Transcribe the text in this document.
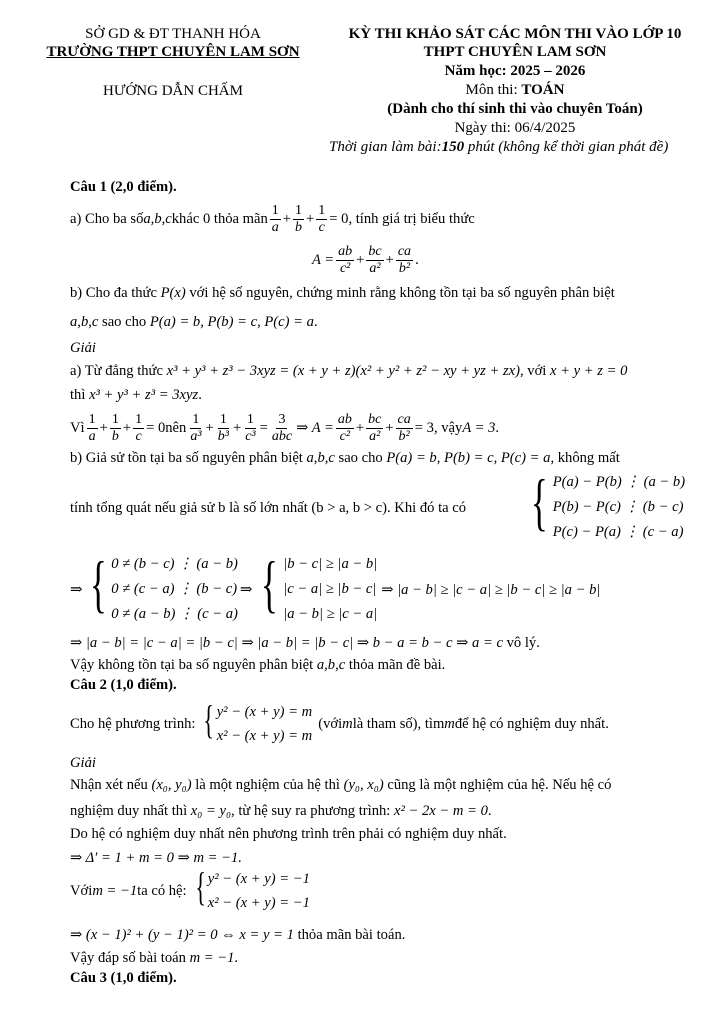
SỞ GD & ĐT THANH HÓA
TRƯỜNG THPT CHUYÊN LAM SƠN
HƯỚNG DẪN CHẤM
KỲ THI KHẢO SÁT CÁC MÔN THI VÀO LỚP 10
THPT CHUYÊN LAM SƠN
Năm học: 2025 – 2026
Môn thi: TOÁN
(Dành cho thí sinh thi vào chuyên Toán)
Ngày thi: 06/4/2025
Thời gian làm bài:150 phút (không kể thời gian phát đề)
Câu 1 (2,0 điểm).
a) Cho ba số a,b,c khác 0 thỏa mãn $\frac{1}{a} + \frac{1}{b} + \frac{1}{c} = 0$ , tính giá trị biểu thức
$A = \frac{ab}{\text{c²}} + \frac{bc}{\text{a²}} + \frac{ca}{\text{b²}}$ .
b) Cho đa thức P(x) với hệ số nguyên, chứng minh rằng không tồn tại ba số nguyên phân biệt
a,b,c sao cho P(a) = b, P(b) = c, P(c) = a.
Giải
a) Từ đẳng thức x³ + y³ + z³ − 3xyz = (x + y + z)(x² + y² + z² − xy + yz + zx), với x + y + z = 0
thì x³ + y³ + z³ = 3xyz.
Vì $\frac{1}{a} + \frac{1}{b} + \frac{1}{c} = 0$ nên $\frac{1}{\text{a³}} + \frac{1}{\text{b³}} + \frac{1}{\text{c³}} = \frac{3}{\text{abc}}$ ⇒ $A = \frac{ab}{\text{c²}} + \frac{bc}{\text{a²}} + \frac{ca}{\text{b²}} = 3$ , vậy A = 3 .
b) Giả sử tồn tại ba số nguyên phân biệt a,b,c sao cho P(a) = b, P(b) = c, P(c) = a, không mất
tính tổng quát nếu giả sử b là số lớn nhất (b > a, b > c). Khi đó ta có { P(a) − P(b) ⋮ (a − b)
P(b) − P(c) ⋮ (b − c)
P(c) − P(a) ⋮ (c − a)
⇒ { 0 ≠ (b − c) ⋮ (a − b)
0 ≠ (c − a) ⋮ (b − c)
0 ≠ (a − b) ⋮ (c − a)
⇒ { |b − c| ≥ |a − b|
|c − a| ≥ |b − c|
|a − b| ≥ |c − a|
⇒ |a − b| ≥ |c − a| ≥ |b − c| ≥ |a − b|
⇒ |a − b| = |c − a| = |b − c| ⇒ |a − b| = |b − c| ⇒ b − a = b − c ⇒ a = c vô lý.
Vậy không tồn tại ba số nguyên phân biệt a,b,c thỏa mãn đề bài.
Câu 2 (1,0 điểm).
Cho hệ phương trình: { y² − (x + y) = m
x² − (x + y) = m
(với m là tham số), tìm m để hệ có nghiệm duy nhất.
Giải
Nhận xét nếu (x₀, y₀) là một nghiệm của hệ thì (y₀, x₀) cũng là một nghiệm của hệ. Nếu hệ có
nghiệm duy nhất thì x₀ = y₀, từ hệ suy ra phương trình: x² − 2x − m = 0.
Do hệ có nghiệm duy nhất nên phương trình trên phải có nghiệm duy nhất.
⇒ Δ′ = 1 + m = 0 ⇒ m = −1.
Với m = −1 ta có hệ: { y² − (x + y) = −1
x² − (x + y) = −1
⇒ (x − 1)² + (y − 1)² = 0 ⇔ x = y = 1 thỏa mãn bài toán.
Vậy đáp số bài toán m = −1.
Câu 3 (1,0 điểm).
